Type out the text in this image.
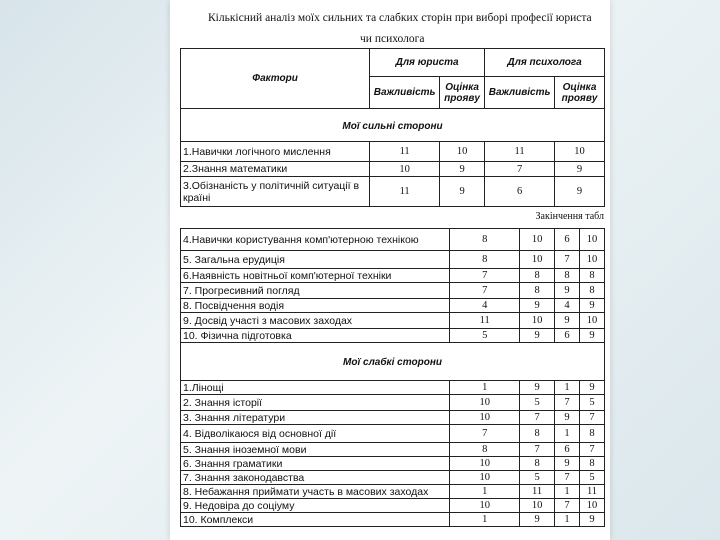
Кількісний аналіз моїх сильних та слабких сторін при виборі професії юриста
чи психолога
Фактори	Для юриста		Для психолога	
	Важливість	Оцінка проявy	Важливість	Оцінка проявy
Мої сильні сторони				
1.Навички логічного мислення	11	10	11	10
2.Знання математики	10	9	7	9
3.Обізнаність у політичній ситуації в країні	11	9	6	9
Закінчення табл
4.Навички користування комп'ютерною технікою	8	10	6	10
5. Загальна ерудиція	8	10	7	10
6.Наявність новітньої комп'ютерної техніки	7	8	8	8
7. Прогресивний погляд	7	8	9	8
8. Посвідчення водія	4	9	4	9
9. Досвід участі з масових заходах	11	10	9	10
10. Фізична підготовка	5	9	6	9
Мої слабкі сторони				
1.Лінощі	1	9	1	9
2. Знання історії	10	5	7	5
3. Знання літератури	10	7	9	7
4. Відволікаюся від основної дії	7	8	1	8
5. Знання іноземної мови	8	7	6	7
6. Знання граматики	10	8	9	8
7. Знання законодавства	10	5	7	5
8. Небажання приймати участь в масових заходах	1	11	1	11
9. Недовіра до соціуму	10	10	7	10
10. Комплекси	1	9	1	9
